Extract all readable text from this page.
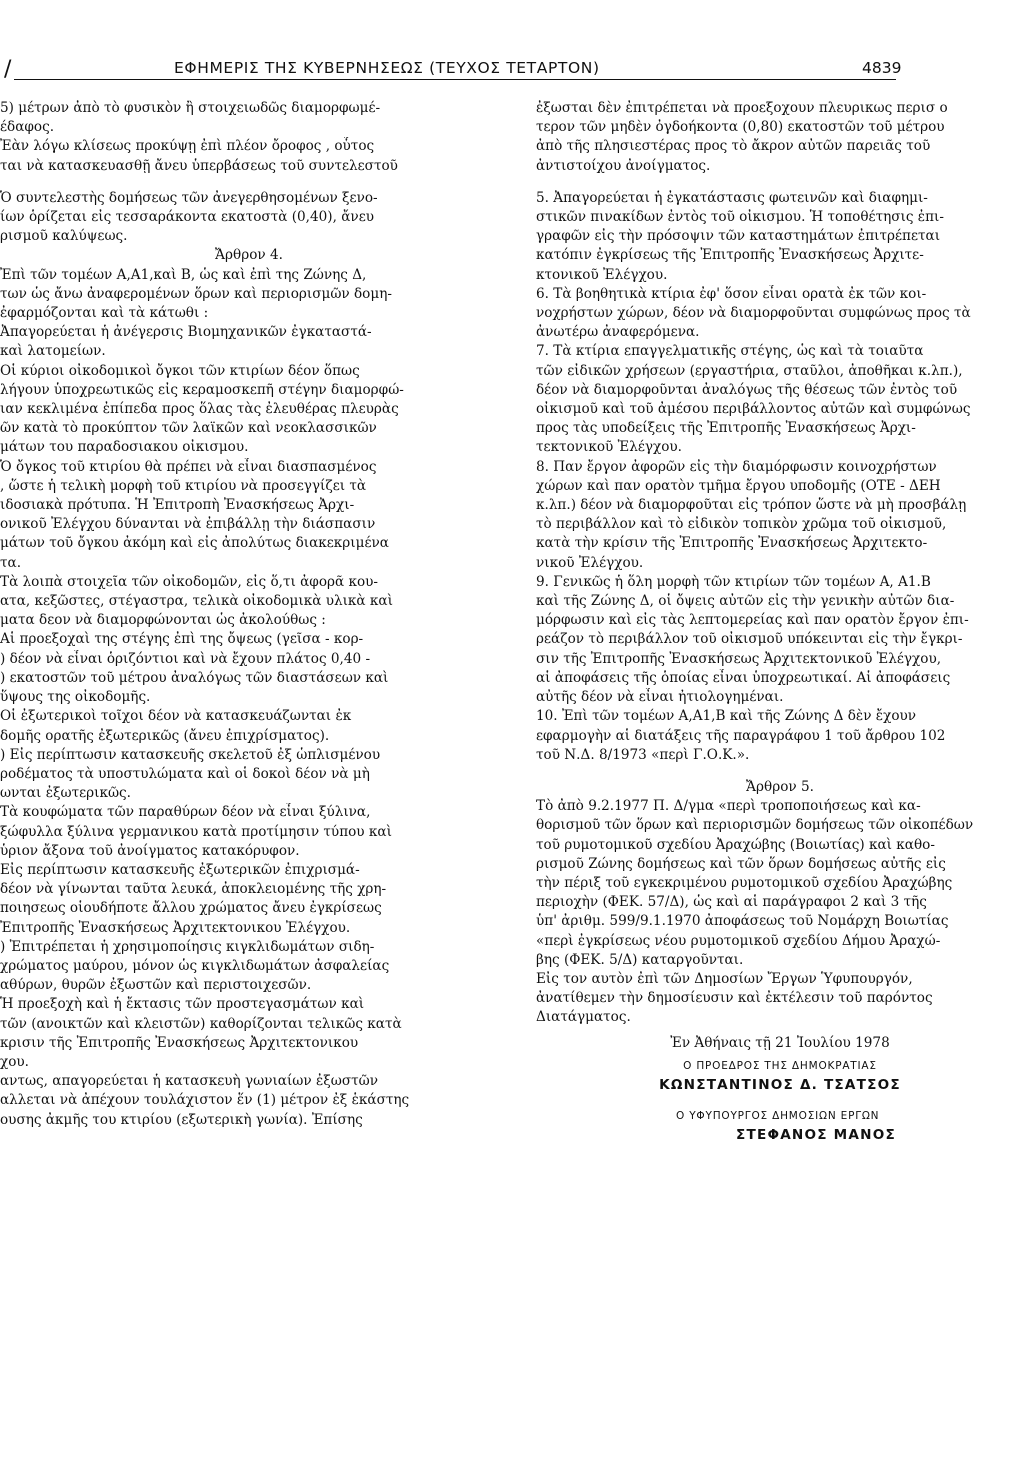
/	ΕΦΗΜΕΡΙΣ ΤΗΣ ΚΥΒΕΡΝΗΣΕΩΣ (ΤΕΥΧΟΣ ΤΕΤΑΡΤΟΝ)	4839

5) μέτρων ἀπὸ τὸ φυσικὸν ἢ στοιχειωδῶς διαμορφωμέ-

έδαφος.

Ἐὰν λόγω κλίσεως προκύψῃ ἐπὶ πλέον ὄροφος , οὗτος

ται νὰ κατασκευασθῇ ἄνευ ὑπερβάσεως τοῦ συντελεστοῦ

Ὁ συντελεστὴς δομήσεως τῶν ἀνεγερθησομένων ξενο-

ίων ὁρίζεται εἰς τεσσαράκοντα εκατοστὰ (0,40), ἄνευ

ρισμοῦ καλύψεως.

Ἄρθρον 4.

Ἐπὶ τῶν τομέων Α,Α1,καὶ Β, ὡς καὶ ἐπὶ της Ζώνης Δ,

των ὡς ἄνω ἀναφερομένων ὅρων καὶ περιορισμῶν δομη-

ἐφαρμόζονται καὶ τὰ κάτωθι :

Ἀπαγορεύεται ἡ ἀνέγερσις Βιομηχανικῶν ἐγκαταστά-

καὶ λατομείων.

Οἱ κύριοι οἰκοδομικοὶ ὄγκοι τῶν κτιρίων δέον ὅπως

λήγουν ὑποχρεωτικῶς εἰς κεραμοσκεπῆ στέγην διαμορφώ-

ιαν κεκλιμένα ἐπίπεδα προς ὅλας τὰς ἐλευθέρας πλευρὰς

ῶν κατὰ τὸ προκύπτον τῶν λαϊκῶν καὶ νεοκλασσικῶν

μάτων του παραδοσιακου οἰκισμου.

Ὁ ὄγκος τοῦ κτιρίου θὰ πρέπει νὰ εἶναι διασπασμένος

, ὥστε ἡ τελικὴ μορφὴ τοῦ κτιρίου νὰ προσεγγίζει τὰ

ιδοσιακὰ πρότυπα. Ἡ Ἐπιτροπὴ Ἐνασκήσεως Ἀρχι-

ονικοῦ Ἐλέγχου δύνανται νὰ ἐπιβάλλῃ τὴν διάσπασιν

μάτων τοῦ ὄγκου ἀκόμη καὶ εἰς ἀπολύτως διακεκριμένα

τα.

Τὰ λοιπὰ στοιχεῖα τῶν οἰκοδομῶν, εἰς ὅ,τι ἀφορᾶ κου-

ατα, κεξῶστες, στέγαστρα, τελικὰ οἰκοδομικὰ υλικὰ καὶ

ματα δεον νὰ διαμορφώνονται ὡς ἀκολούθως :

Αἱ προεξοχαὶ της στέγης ἐπὶ της ὄψεως (γεῖσα - κορ-

) δέον νὰ εἶναι ὁριζόντιοι καὶ νὰ ἔχουν πλάτος 0,40 -

) εκατοστῶν τοῦ μέτρου ἀναλόγως τῶν διαστάσεων καὶ

ὕψους της οἰκοδομῆς.

Οἱ ἐξωτερικοὶ τοῖχοι δέον νὰ κατασκευάζωνται ἐκ

δομῆς ορατῆς ἐξωτερικῶς (ἄνευ ἐπιχρίσματος).

) Εἰς περίπτωσιν κατασκευῆς σκελετοῦ ἐξ ὡπλισμένου

ροδέματος τὰ υποστυλώματα καὶ οἱ δοκοὶ δέον νὰ μὴ

ωνται ἐξωτερικῶς.

Τὰ κουφώματα τῶν παραθύρων δέον νὰ εἶναι ξύλινα,

ξώφυλλα ξύλινα γερμανικου κατὰ προτίμησιν τύπου καὶ

ὑριον ἄξονα τοῦ ἀνοίγματος κατακόρυφον.

Εἰς περίπτωσιν κατασκευῆς ἐξωτερικῶν ἐπιχρισμά-

δέον νὰ γίνωνται ταῦτα λευκά, ἀποκλειομένης τῆς χρη-

ποιησεως οἱουδήποτε ἄλλου χρώματος ἄνευ ἐγκρίσεως

Ἐπιτροπῆς Ἐνασκήσεως Ἀρχιτεκτονικου Ἐλέγχου.

) Ἐπιτρέπεται ἡ χρησιμοποίησις κιγκλιδωμάτων σιδη-

χρώματος μαύρου, μόνον ὡς κιγκλιδωμάτων ἀσφαλείας

αθύρων, θυρῶν ἐξωστῶν καὶ περιστοιχεσῶν.

Ἡ προεξοχὴ καὶ ἡ ἔκτασις τῶν προστεγασμάτων καὶ

τῶν (ανοικτῶν καὶ κλειστῶν) καθορίζονται τελικῶς κατὰ

κρισιν τῆς Ἐπιτροπῆς Ἐνασκήσεως Ἀρχιτεκτονικου

χου.

αντως, απαγορεύεται ἡ κατασκευὴ γωνιαίων ἐξωστῶν

αλλεται νὰ ἀπέχουν τουλάχιστον ἕν (1) μέτρον ἐξ ἑκάστης

ουσης ἀκμῆς του κτιρίου (εξωτερικὴ γωνία). Ἐπίσης

ἐξωσται δὲν ἐπιτρέπεται νὰ προεξοχουν πλευρικως περισ ο

τερον τῶν μηδὲν ὀγδοήκοντα (0,80) εκατοστῶν τοῦ μέτρου

ἀπὸ τῆς πλησιεστέρας προς τὸ ἄκρον αὐτῶν παρειᾶς τοῦ

ἀντιστοίχου ἀνοίγματος.

5. Ἀπαγορεύεται ἡ ἐγκατάστασις φωτεινῶν καὶ διαφημι-

στικῶν πινακίδων ἐντὸς τοῦ οἰκισμου. Ἡ τοποθέτησις ἐπι-

γραφῶν εἰς τὴν πρόσοψιν τῶν καταστημάτων ἐπιτρέπεται

κατόπιν ἐγκρίσεως τῆς Ἐπιτροπῆς Ἐνασκήσεως Ἀρχιτε-

κτονικοῦ Ἐλέγχου.

6. Τὰ βοηθητικὰ κτίρια ἐφ' ὅσον εἶναι ορατὰ ἐκ τῶν κοι-

νοχρήστων χώρων, δέον νὰ διαμορφοῦνται συμφώνως προς τὰ

ἀνωτέρω ἀναφερόμενα.

7. Τὰ κτίρια επαγγελματικῆς στέγης, ὡς καὶ τὰ τοιαῦτα

τῶν εἰδικῶν χρήσεων (εργαστήρια, σταῦλοι, ἀποθῆκαι κ.λπ.),

δέον νὰ διαμορφοῦνται ἀναλόγως τῆς θέσεως τῶν ἐντὸς τοῦ

οἰκισμοῦ καὶ τοῦ ἀμέσου περιβάλλοντος αὐτῶν καὶ συμφώνως

προς τὰς υποδείξεις τῆς Ἐπιτροπῆς Ἐνασκήσεως Ἀρχι-

τεκτονικοῦ Ἐλέγχου.

8. Παν ἔργον ἀφορῶν εἰς τὴν διαμόρφωσιν κοινοχρήστων

χώρων καὶ παν ορατὸν τμῆμα ἔργου υποδομῆς (ΟΤΕ - ΔΕΗ

κ.λπ.) δέον νὰ διαμορφοῦται εἰς τρόπον ὥστε νὰ μὴ προσβάλῃ

τὸ περιβάλλον καὶ τὸ εἰδικὸν τοπικὸν χρῶμα τοῦ οἰκισμοῦ,

κατὰ τὴν κρίσιν τῆς Ἐπιτροπῆς Ἐνασκήσεως Ἀρχιτεκτο-

νικοῦ Ἐλέγχου.

9. Γενικῶς ἡ ὅλη μορφὴ τῶν κτιρίων τῶν τομέων Α, Α1.Β

καὶ τῆς Ζώνης Δ, οἱ ὄψεις αὐτῶν εἰς τὴν γενικὴν αὐτῶν δια-

μόρφωσιν καὶ εἰς τὰς λεπτομερείας καὶ παν ορατὸν ἔργον ἐπι-

ρεάζον τὸ περιβάλλον τοῦ οἰκισμοῦ υπόκεινται εἰς τὴν ἔγκρι-

σιν τῆς Ἐπιτροπῆς Ἐνασκήσεως Ἀρχιτεκτονικοῦ Ἐλέγχου,

αἱ ἀποφάσεις τῆς ὁποίας εἶναι ὑποχρεωτικαί. Αἱ ἀποφάσεις

αὐτῆς δέον νὰ εἶναι ἠτιολογημέναι.

10. Ἐπὶ τῶν τομέων Α,Α1,Β καὶ τῆς Ζώνης Δ δὲν ἔχουν

εφαρμογὴν αἱ διατάξεις τῆς παραγράφου 1 τοῦ ἄρθρου 102

τοῦ Ν.Δ. 8/1973 «περὶ Γ.Ο.Κ.».

Ἄρθρον 5.

Τὸ ἀπὸ 9.2.1977 Π. Δ/γμα «περὶ τροποποιήσεως καὶ κα-

θορισμοῦ τῶν ὅρων καὶ περιορισμῶν δομήσεως τῶν οἰκοπέδων

τοῦ ρυμοτομικοῦ σχεδίου Ἀραχώβης (Βοιωτίας) καὶ καθο-

ρισμοῦ Ζώνης δομήσεως καὶ τῶν ὅρων δομήσεως αὐτῆς εἰς

τὴν πέριξ τοῦ εγκεκριμένου ρυμοτομικοῦ σχεδίου Ἀραχώβης

περιοχὴν (ΦΕΚ. 57/Δ), ὡς καὶ αἱ παράγραφοι 2 καὶ 3 τῆς

ὑπ' ἀριθμ. 599/9.1.1970 ἀποφάσεως τοῦ Νομάρχη Βοιωτίας

«περὶ ἐγκρίσεως νέου ρυμοτομικοῦ σχεδίου Δήμου Ἀραχώ-

βης (ΦΕΚ. 5/Δ) καταργοῦνται.

Εἰς τον αυτὸν ἐπὶ τῶν Δημοσίων Ἔργων Ὑφυπουργόν,

ἀνατίθεμεν τὴν δημοσίευσιν καὶ ἐκτέλεσιν τοῦ παρόντος

Διατάγματος.

Ἐν Ἀθήναις τῇ 21 Ἰουλίου 1978

Ο ΠΡΟΕΔΡΟΣ ΤΗΣ ΔΗΜΟΚΡΑΤΙΑΣ

ΚΩΝΣΤΑΝΤΙΝΟΣ Δ. ΤΣΑΤΣΟΣ

Ο ΥΦΥΠΟΥΡΓΟΣ ΔΗΜΟΣΙΩΝ ΕΡΓΩΝ

ΣΤΕΦΑΝΟΣ ΜΑΝΟΣ
